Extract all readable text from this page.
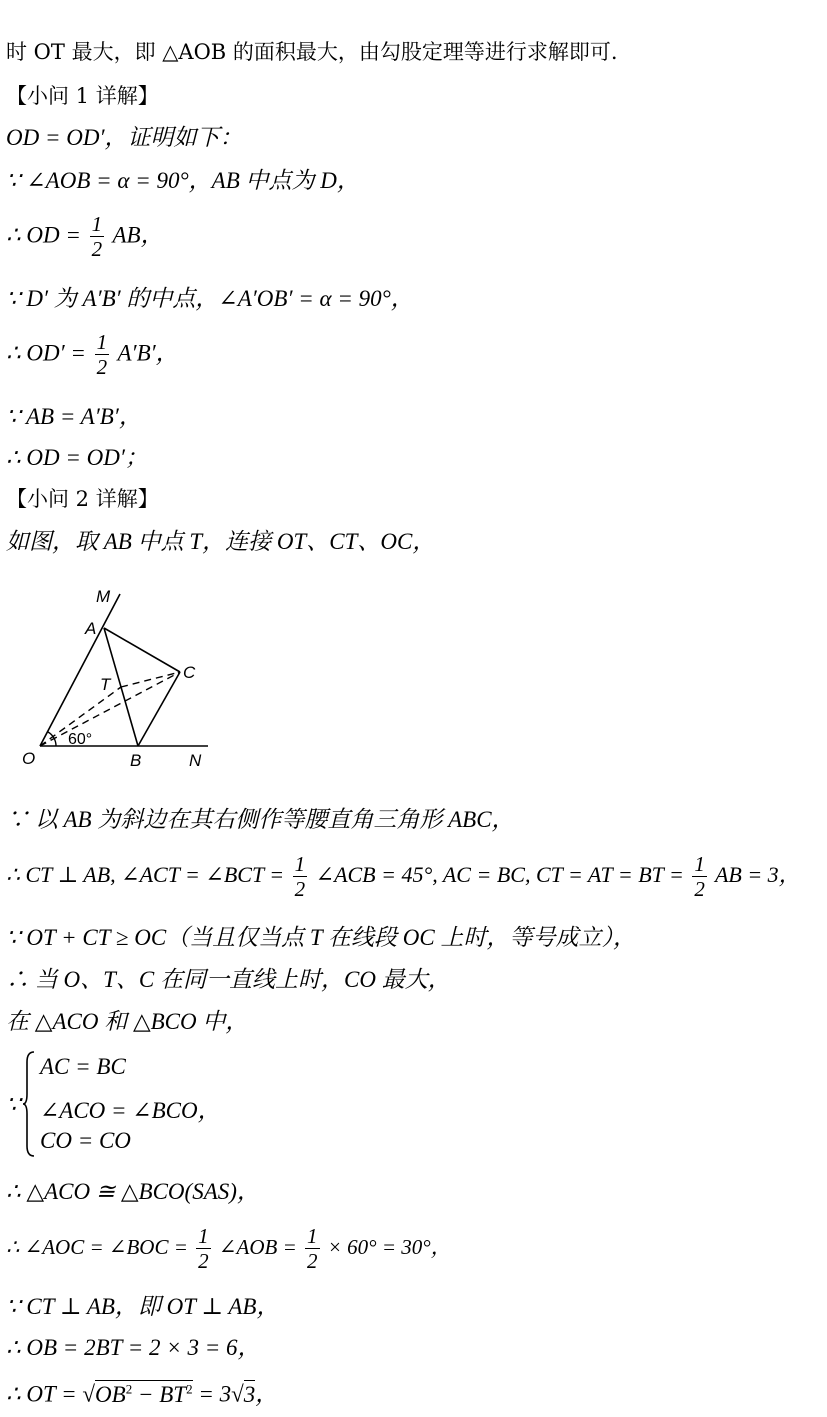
时 OT 最大，即 △AOB 的面积最大，由勾股定理等进行求解即可.
【小问 1 详解】
OD = OD′，证明如下：
∵ ∠AOB = α = 90°，AB 中点为 D，
∴ OD = $\frac{1}{2}$ AB，
∵ D′ 为 A′B′ 的中点，∠A′OB′ = α = 90°，
∴ $OD' = \frac{1}{2} A'B'$，
∵ AB = A′B′，
∴ OD = OD′；
【小问 2 详解】
如图，取 AB 中点 T，连接 OT、CT、OC，
M
A
C
T
60°
O	B	N
∵ 以 AB 为斜边在其右侧作等腰直角三角形 ABC，
∴ CT ⊥ AB, ∠ACT = ∠BCT = $\frac{1}{2}$ ∠ACB = 45°, AC = BC, CT = AT = BT = $\frac{1}{2}$ AB = 3，
∵ OT + CT ≥ OC（当且仅当点 T 在线段 OC 上时，等号成立），
∴ 当 O、T、C 在同一直线上时，CO 最大，
在 △ACO 和 △BCO 中，
∵
AC = BC
∠ACO = ∠BCO，
CO = CO
∴ △ACO ≅ △BCO(SAS)，
∴ ∠AOC = ∠BOC = $\frac{1}{2}$ ∠AOB = $\frac{1}{2} \times 60^\circ = 30^\circ$，
∵ CT ⊥ AB，即 OT ⊥ AB，
∴ OB = 2BT = 2 × 3 = 6，
∴ OT = $√OB^2 - BT^2 = 3√3$，
